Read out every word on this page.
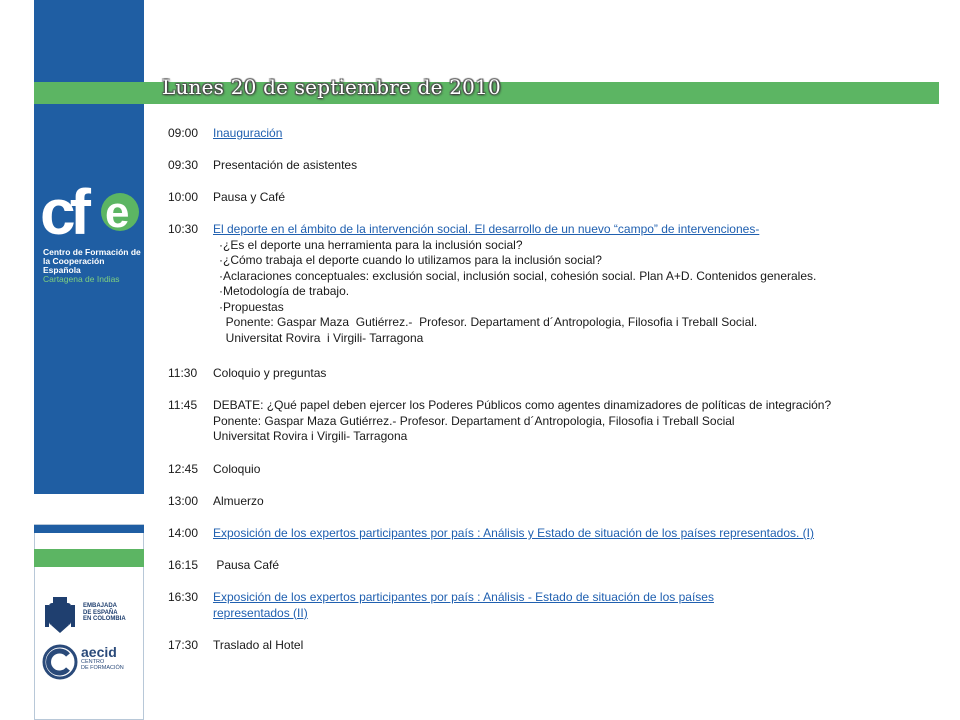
cf e
Centro de Formación de
la Cooperación Española
Cartagena de Indias
EMBAJADA
DE ESPAÑA
EN COLOMBIA
aecid
CENTRO
DE FORMACIÓN
Lunes 20 de septiembre de 2010
09:00	Inauguración
09:30	Presentación de asistentes
10:00	Pausa y Café
10:30	El deporte en el ámbito de la intervención social. El desarrollo de un nuevo “campo” de intervenciones-
·¿Es el deporte una herramienta para la inclusión social?
·¿Cómo trabaja el deporte cuando lo utilizamos para la inclusión social?
·Aclaraciones conceptuales: exclusión social, inclusión social, cohesión social. Plan A+D. Contenidos generales.
·Metodología de trabajo.
·Propuestas
Ponente: Gaspar Maza  Gutiérrez.-  Profesor. Departament d´Antropologia, Filosofia i Treball Social.
Universitat Rovira  i Virgili- Tarragona
11:30	Coloquio y preguntas
11:45	DEBATE: ¿Qué papel deben ejercer los Poderes Públicos como agentes dinamizadores de políticas de integración?
Ponente: Gaspar Maza Gutiérrez.- Profesor. Departament d´Antropologia, Filosofia i Treball Social
Universitat Rovira i Virgili- Tarragona
12:45	Coloquio
13:00	Almuerzo
14:00	Exposición de los expertos participantes por país : Análisis y Estado de situación de los países representados. (I)
16:15	Pausa Café
16:30	Exposición de los expertos participantes por país : Análisis - Estado de situación de los países
representados (II)
17:30	Traslado al Hotel
